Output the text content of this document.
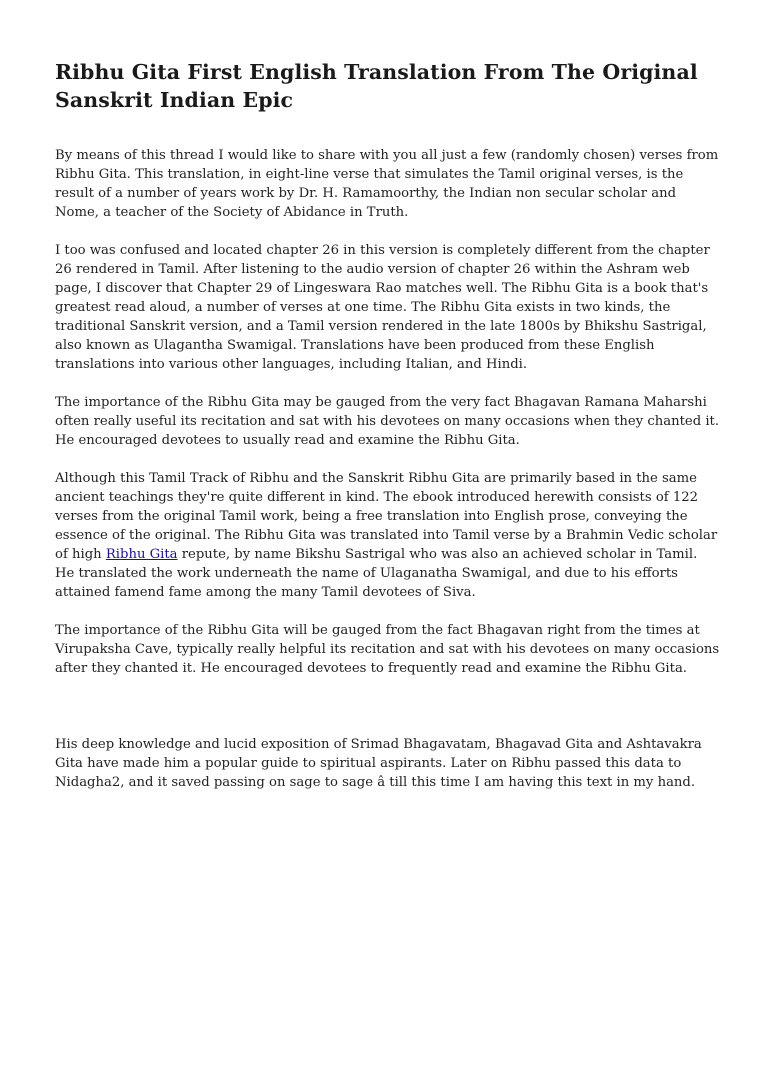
Ribhu Gita First English Translation From The Original Sanskrit Indian Epic

By means of this thread I would like to share with you all just a few (randomly chosen) verses from Ribhu Gita. This translation, in eight-line verse that simulates the Tamil original verses, is the result of a number of years work by Dr. H. Ramamoorthy, the Indian non secular scholar and Nome, a teacher of the Society of Abidance in Truth.

I too was confused and located chapter 26 in this version is completely different from the chapter 26 rendered in Tamil. After listening to the audio version of chapter 26 within the Ashram web page, I discover that Chapter 29 of Lingeswara Rao matches well. The Ribhu Gita is a book that's greatest read aloud, a number of verses at one time. The Ribhu Gita exists in two kinds, the traditional Sanskrit version, and a Tamil version rendered in the late 1800s by Bhikshu Sastrigal, also known as Ulagantha Swamigal. Translations have been produced from these English translations into various other languages, including Italian, and Hindi.

The importance of the Ribhu Gita may be gauged from the very fact Bhagavan Ramana Maharshi often really useful its recitation and sat with his devotees on many occasions when they chanted it. He encouraged devotees to usually read and examine the Ribhu Gita.

Although this Tamil Track of Ribhu and the Sanskrit Ribhu Gita are primarily based in the same ancient teachings they're quite different in kind. The ebook introduced herewith consists of 122 verses from the original Tamil work, being a free translation into English prose, conveying the essence of the original. The Ribhu Gita was translated into Tamil verse by a Brahmin Vedic scholar of high Ribhu Gita repute, by name Bikshu Sastrigal who was also an achieved scholar in Tamil. He translated the work underneath the name of Ulaganatha Swamigal, and due to his efforts attained famend fame among the many Tamil devotees of Siva.

The importance of the Ribhu Gita will be gauged from the fact Bhagavan right from the times at Virupaksha Cave, typically really helpful its recitation and sat with his devotees on many occasions after they chanted it. He encouraged devotees to frequently read and examine the Ribhu Gita.

His deep knowledge and lucid exposition of Srimad Bhagavatam, Bhagavad Gita and Ashtavakra Gita have made him a popular guide to spiritual aspirants. Later on Ribhu passed this data to Nidagha2, and it saved passing on sage to sage â till this time I am having this text in my hand.
